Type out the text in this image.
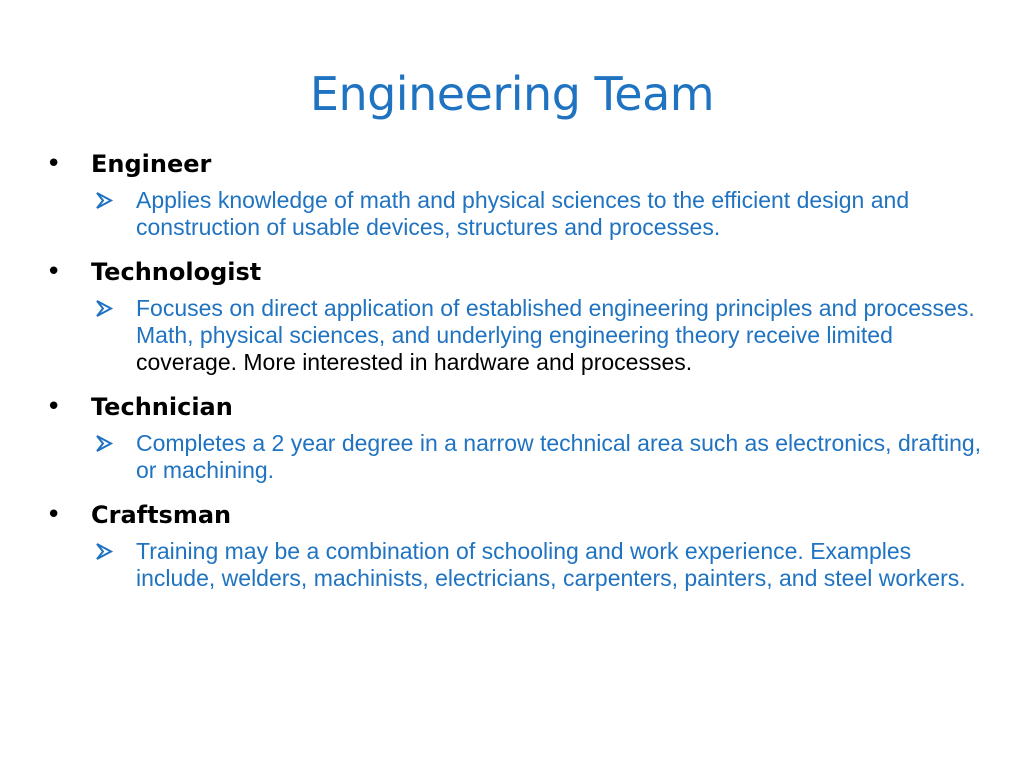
Engineering Team
• Engineer
Applies knowledge of math and physical sciences to the efficient design and construction of usable devices, structures and processes.
• Technologist
Focuses on direct application of established engineering principles and processes. Math, physical sciences, and underlying engineering theory receive limited coverage. More interested in hardware and processes.
• Technician
Completes a 2 year degree in a narrow technical area such as electronics, drafting, or machining.
• Craftsman
Training may be a combination of schooling and work experience. Examples include, welders, machinists, electricians, carpenters, painters, and steel workers.
